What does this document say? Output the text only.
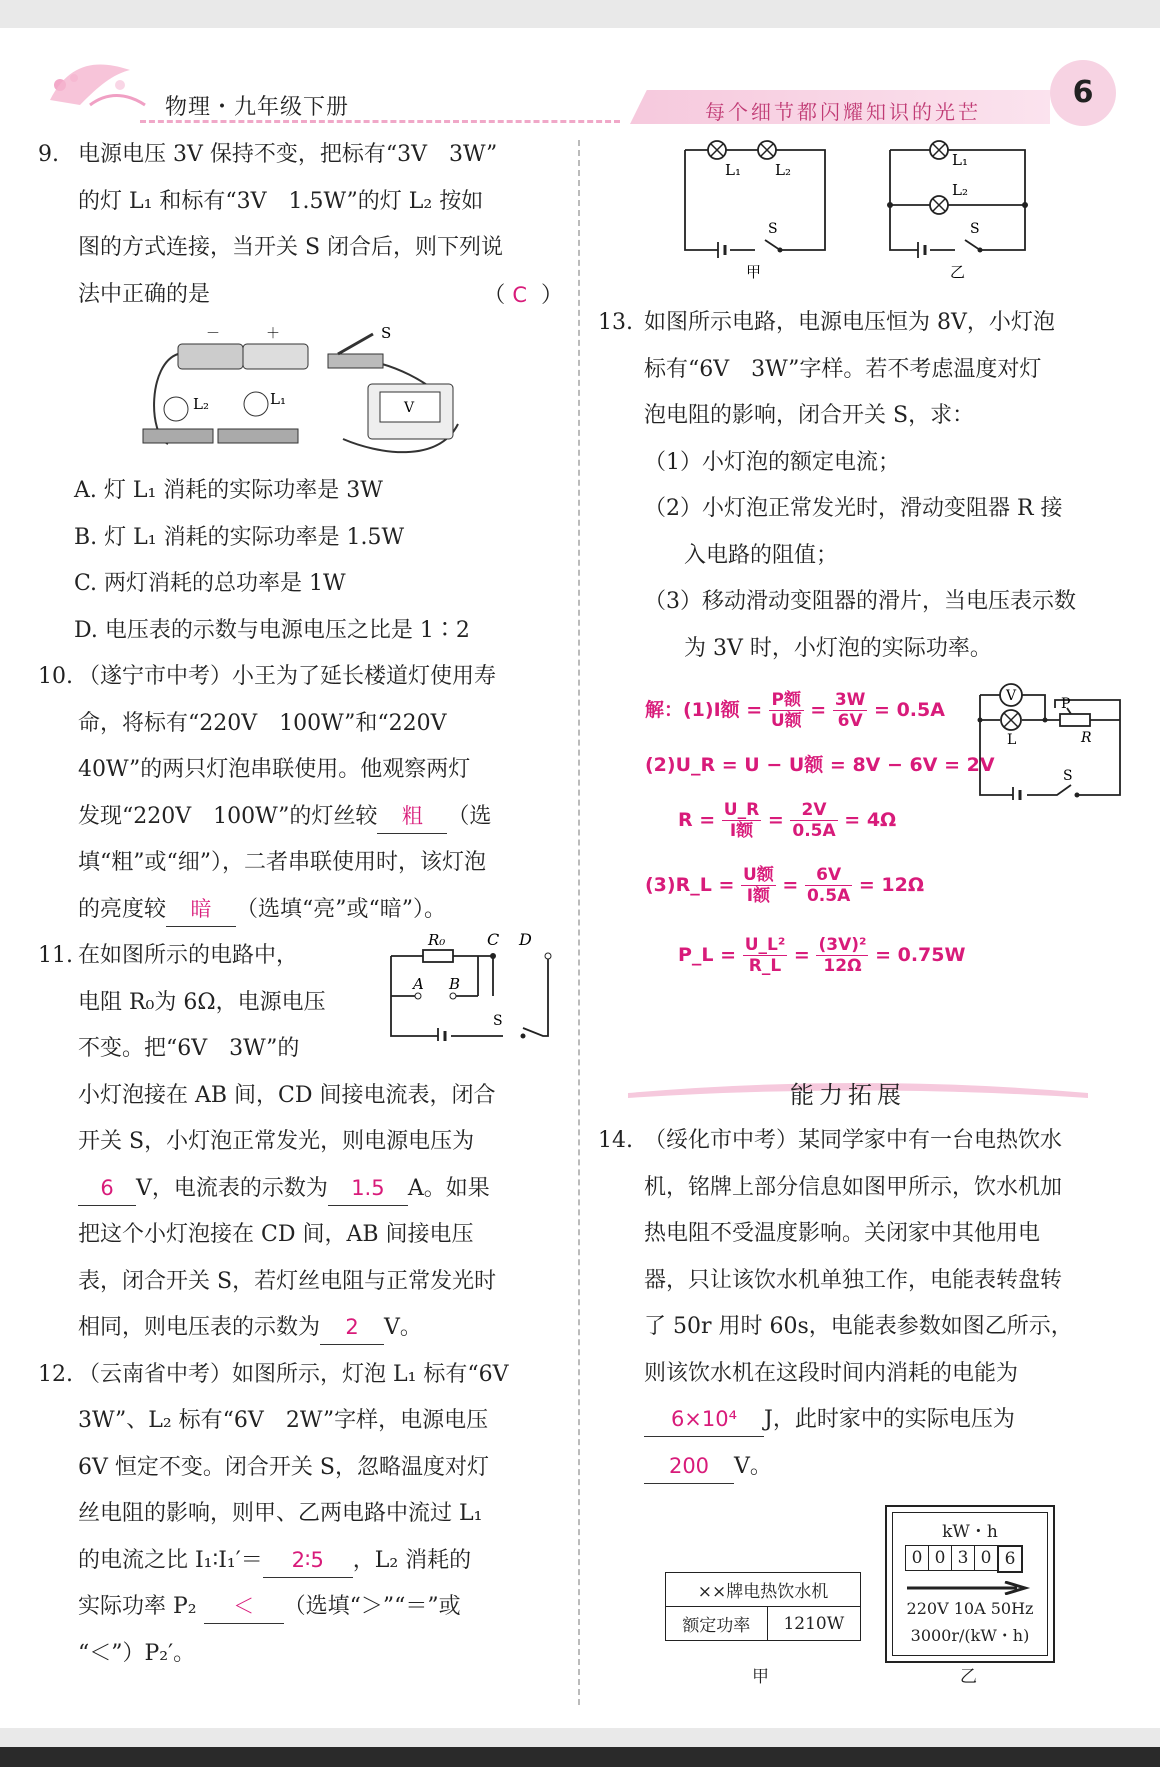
物理・九年级下册	每个细节都闪耀知识的光芒
6
9. 电源电压 3V 保持不变，把标有“3V　3W”
的灯 L₁ 和标有“3V　1.5W”的灯 L₂ 按如
图的方式连接，当开关 S 闭合后，则下列说
法中正确的是	（ C ）
－	＋	S
L₂	L₁	V
A. 灯 L₁ 消耗的实际功率是 3W
B. 灯 L₁ 消耗的实际功率是 1.5W
C. 两灯消耗的总功率是 1W
D. 电压表的示数与电源电压之比是 1∶2
10. （遂宁市中考）小王为了延长楼道灯使用寿
命，将标有“220V　100W”和“220V
40W”的两只灯泡串联使用。他观察两灯
发现“220V　100W”的灯丝较 粗 （选
填“粗”或“细”），二者串联使用时，该灯泡
的亮度较 暗 （选填“亮”或“暗”）。
11. 在如图所示的电路中，
电阻 R₀为 6Ω，电源电压
不变。把“6V　3W”的
R₀	C D
A B
S
小灯泡接在 AB 间，CD 间接电流表，闭合
开关 S，小灯泡正常发光，则电源电压为
6 V，电流表的示数为 1.5 A。如果
把这个小灯泡接在 CD 间，AB 间接电压
表，闭合开关 S，若灯丝电阻与正常发光时
相同，则电压表的示数为 2 V。
12. （云南省中考）如图所示，灯泡 L₁ 标有“6V
3W”、L₂ 标有“6V　2W”字样，电源电压
6V 恒定不变。闭合开关 S，忽略温度对灯
丝电阻的影响，则甲、乙两电路中流过 L₁
的电流之比 I₁∶I₁′＝ 2∶5 ，L₂ 消耗的
实际功率 P₂ ＜ （选填“＞”“＝”或
“＜”）P₂′。
L₁ L₂
S
甲
L₁
L₂
S
乙
13. 如图所示电路，电源电压恒为 8V，小灯泡
标有“6V　3W”字样。若不考虑温度对灯
泡电阻的影响，闭合开关 S，求：
（1）小灯泡的额定电流；
（2）小灯泡正常发光时，滑动变阻器 R 接
入电路的阻值；
（3）移动滑动变阻器的滑片，当电压表示数
为 3V 时，小灯泡的实际功率。
解：(1)I额 = $\frac{\text{P额}}{\text{U额}} = \frac{3W}{6V} = 0.5A$
(2)U_R = U − U额 = 8V − 6V = 2V
$R = \frac{U\_R}{\text{I额}} = \frac{2V}{0.5A} = 4\Omega$
(3)R_L = $\frac{\text{U额}}{\text{I额}} = \frac{6V}{0.5A} = 12\Omega$
P_L = $\frac{\text{U\_L²}}{R\_L} = \frac{\text{(3V)²}}{12\Omega} = 0.75W$
V	P
L	R
S
能力拓展
14. （绥化市中考）某同学家中有一台电热饮水
机，铭牌上部分信息如图甲所示，饮水机加
热电阻不受温度影响。关闭家中其他用电
器，只让该饮水机单独工作，电能表转盘转
了 50r 用时 60s，电能表参数如图乙所示，
则该饮水机在这段时间内消耗的电能为
6×10⁴ J，此时家中的实际电压为
200 V。
××牌电热饮水机
额定功率	1210W
甲
kW・h
0 0 3 0 6
220V 10A 50Hz
3000r/(kW・h)
乙
